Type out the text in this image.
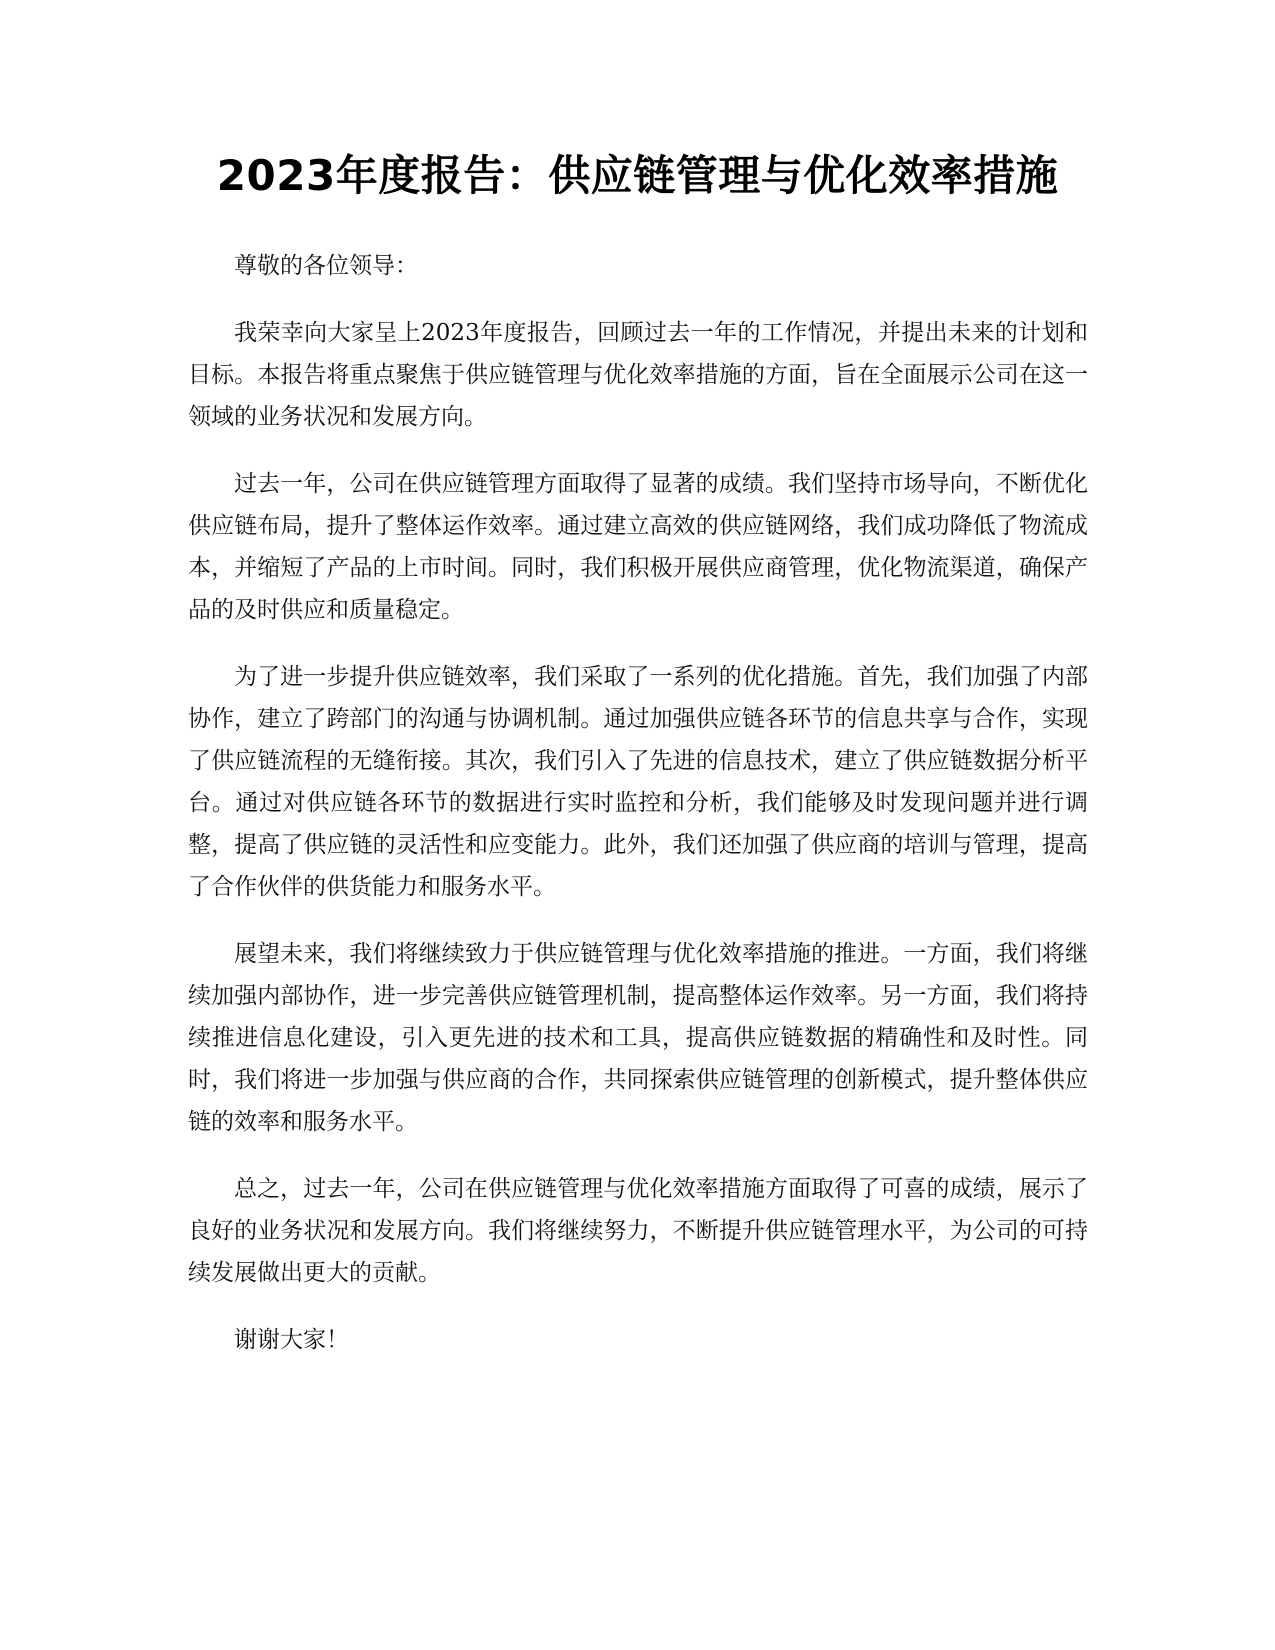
2023年度报告：供应链管理与优化效率措施

尊敬的各位领导：

我荣幸向大家呈上2023年度报告，回顾过去一年的工作情况，并提出未来的计划和目标。本报告将重点聚焦于供应链管理与优化效率措施的方面，旨在全面展示公司在这一领域的业务状况和发展方向。

过去一年，公司在供应链管理方面取得了显著的成绩。我们坚持市场导向，不断优化供应链布局，提升了整体运作效率。通过建立高效的供应链网络，我们成功降低了物流成本，并缩短了产品的上市时间。同时，我们积极开展供应商管理，优化物流渠道，确保产品的及时供应和质量稳定。

为了进一步提升供应链效率，我们采取了一系列的优化措施。首先，我们加强了内部协作，建立了跨部门的沟通与协调机制。通过加强供应链各环节的信息共享与合作，实现了供应链流程的无缝衔接。其次，我们引入了先进的信息技术，建立了供应链数据分析平台。通过对供应链各环节的数据进行实时监控和分析，我们能够及时发现问题并进行调整，提高了供应链的灵活性和应变能力。此外，我们还加强了供应商的培训与管理，提高了合作伙伴的供货能力和服务水平。

展望未来，我们将继续致力于供应链管理与优化效率措施的推进。一方面，我们将继续加强内部协作，进一步完善供应链管理机制，提高整体运作效率。另一方面，我们将持续推进信息化建设，引入更先进的技术和工具，提高供应链数据的精确性和及时性。同时，我们将进一步加强与供应商的合作，共同探索供应链管理的创新模式，提升整体供应链的效率和服务水平。

总之，过去一年，公司在供应链管理与优化效率措施方面取得了可喜的成绩，展示了良好的业务状况和发展方向。我们将继续努力，不断提升供应链管理水平，为公司的可持续发展做出更大的贡献。

谢谢大家！
